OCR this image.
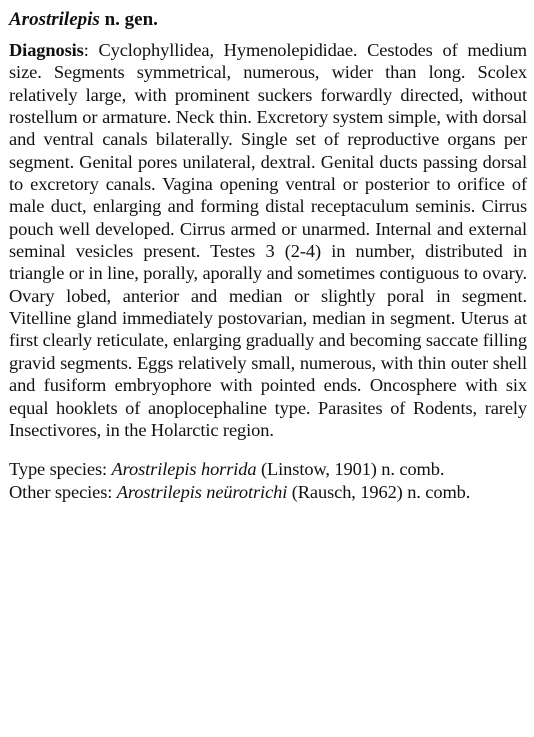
Arostrilepis n. gen.

Diagnosis: Cyclophyllidea, Hymenolepididae. Cestodes of medium size. Segments symmetrical, numerous, wider than long. Scolex relatively large, with prominent suckers forwardly directed, without rostellum or armature. Neck thin. Excretory system simple, with dorsal and ventral canals bilaterally. Single set of reproductive organs per segment. Genital pores unilateral, dextral. Genital ducts passing dorsal to excretory canals. Vagina opening ventral or posterior to orifice of male duct, enlarging and forming distal receptaculum seminis. Cirrus pouch well developed. Cirrus armed or unarmed. Internal and external seminal vesicles present. Testes 3 (2-4) in number, distributed in triangle or in line, porally, aporally and sometimes contiguous to ovary. Ovary lobed, anterior and median or slightly poral in segment. Vitelline gland immediately postovarian, median in segment. Uterus at first clearly reticulate, enlarging gradually and becoming saccate filling gravid segments. Eggs relatively small, numerous, with thin outer shell and fusiform embryophore with pointed ends. Oncosphere with six equal hooklets of anoplocephaline type. Parasites of Rodents, rarely Insectivores, in the Holarctic region.

Type species: Arostrilepis horrida (Linstow, 1901) n. comb.

Other species: Arostrilepis neürotrichi (Rausch, 1962) n. comb.
